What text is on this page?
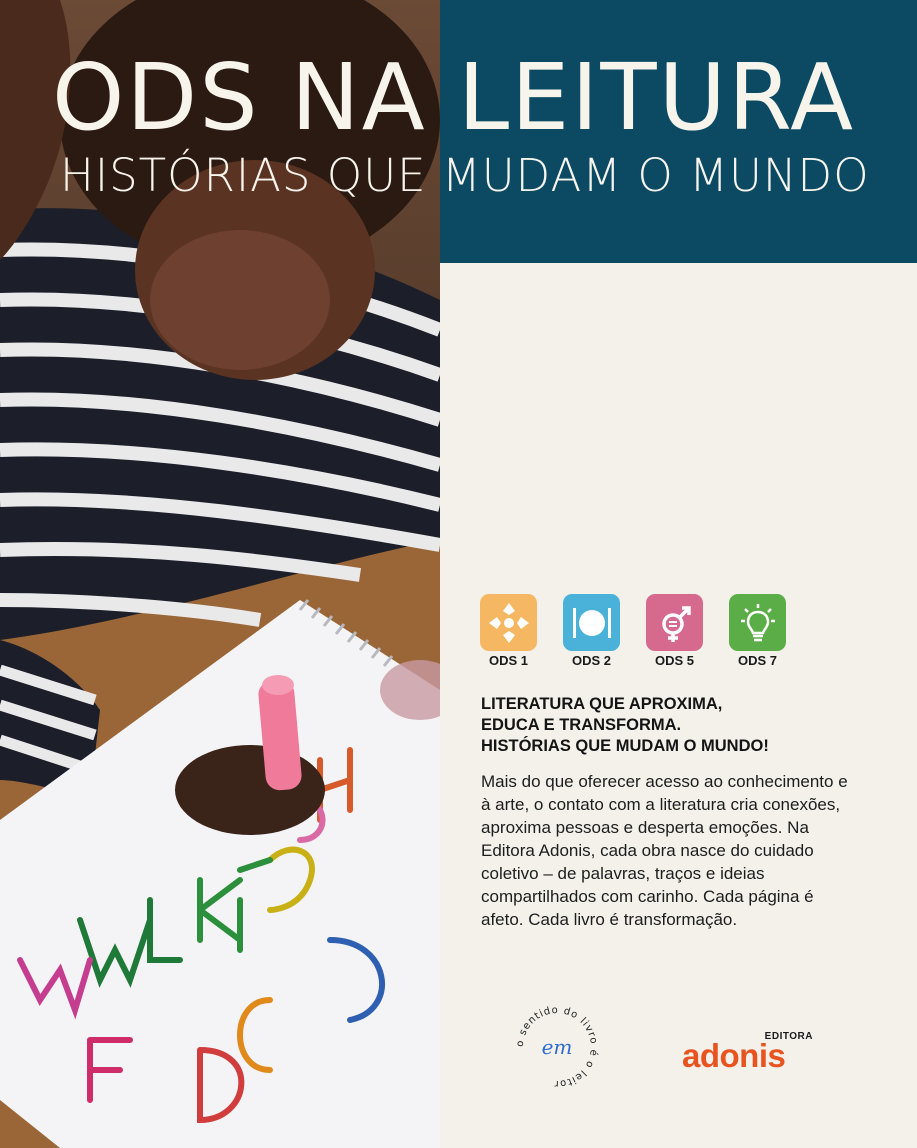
ODS NA LEITURA
HISTÓRIAS QUE MUDAM O MUNDO
ODS 1	ODS 2	ODS 5	ODS 7
LITERATURA QUE APROXIMA,
EDUCA E TRANSFORMA.
HISTÓRIAS QUE MUDAM O MUNDO!

Mais do que oferecer acesso ao conhecimento e à arte, o contato com a literatura cria conexões, aproxima pessoas e desperta emoções. Na Editora Adonis, cada obra nasce do cuidado coletivo – de palavras, traços e ideias compartilhados com carinho. Cada página é afeto. Cada livro é transformação.

o sentido do livro é o leitor
em	EDITORA
adonis
